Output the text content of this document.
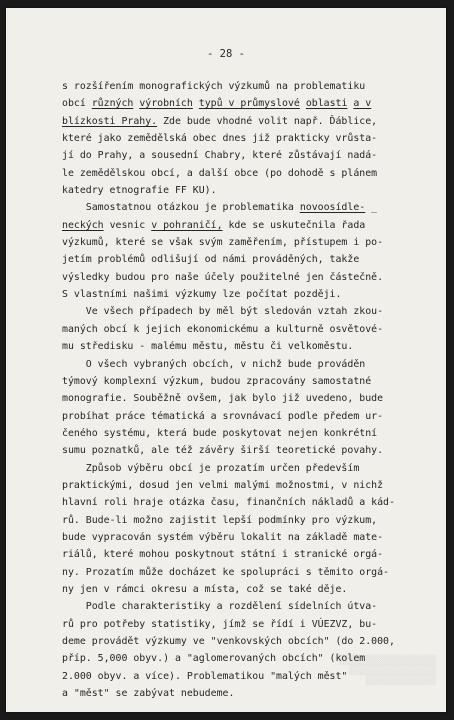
▒▒▒▒▒▒▒▒▒▒▒▒▒▒▒▒▒▒
▒▒▒▒▒▒▒▒▒▒▒▒▒▒▒▒
▒▒▒▒▒▒▒▒▒▒▒▒▒
- 28 -
s rozšířením monografických výzkumů na problematiku
obcí různých výrobních typů v průmyslové oblasti a v
blízkosti Prahy. Zde bude vhodné volit např. Ďáblice,
které jako zemědělská obec dnes již prakticky vrůsta-
jí do Prahy, a sousední Chabry, které zůstávají nadá-
le zemědělskou obcí, a další obce (po dohodě s plánem
katedry etnografie FF KU).
Samostatnou otázkou je problematika novoosídle- _
neckých vesnic v pohraničí, kde se uskutečnila řada
výzkumů, které se však svým zaměřením, přístupem i po-
jetím problémů odlišují od námi prováděných, takže
výsledky budou pro naše účely použitelné jen částečně.
S vlastními našimi výzkumy lze počítat později.
Ve všech případech by měl být sledován vztah zkou-
maných obcí k jejich ekonomickému a kulturně osvětové-
mu středisku - malému městu, městu či velkoměstu.
O všech vybraných obcích, v nichž bude prováděn
týmový komplexní výzkum, budou zpracovány samostatné
monografie. Souběžně ovšem, jak bylo již uvedeno, bude
probíhat práce tématická a srovnávací podle předem ur-
čeného systému, která bude poskytovat nejen konkrétní
sumu poznatků, ale též závěry širší teoretické povahy.
Způsob výběru obcí je prozatím určen především
praktickými, dosud jen velmi malými možnostmi, v nichž
hlavní roli hraje otázka času, finančních nákladů a kád-
rů. Bude-li možno zajistit lepší podmínky pro výzkum,
bude vypracován systém výběru lokalit na základě mate-
riálů, které mohou poskytnout státní i stranické orgá-
ny. Prozatím může docházet ke spolupráci s těmito orgá-
ny jen v rámci okresu a místa, což se také děje.
Podle charakteristiky a rozdělení sídelních útva-
rů pro potřeby statistiky, jímž se řídí i VÚEZVZ, bu-
deme provádět výzkumy ve "venkovských obcích" (do 2.000,
příp. 5,000 obyv.) a "aglomerovaných obcích" (kolem
2.000 obyv. a více). Problematikou "malých měst"
a "měst" se zabývat nebudeme.
